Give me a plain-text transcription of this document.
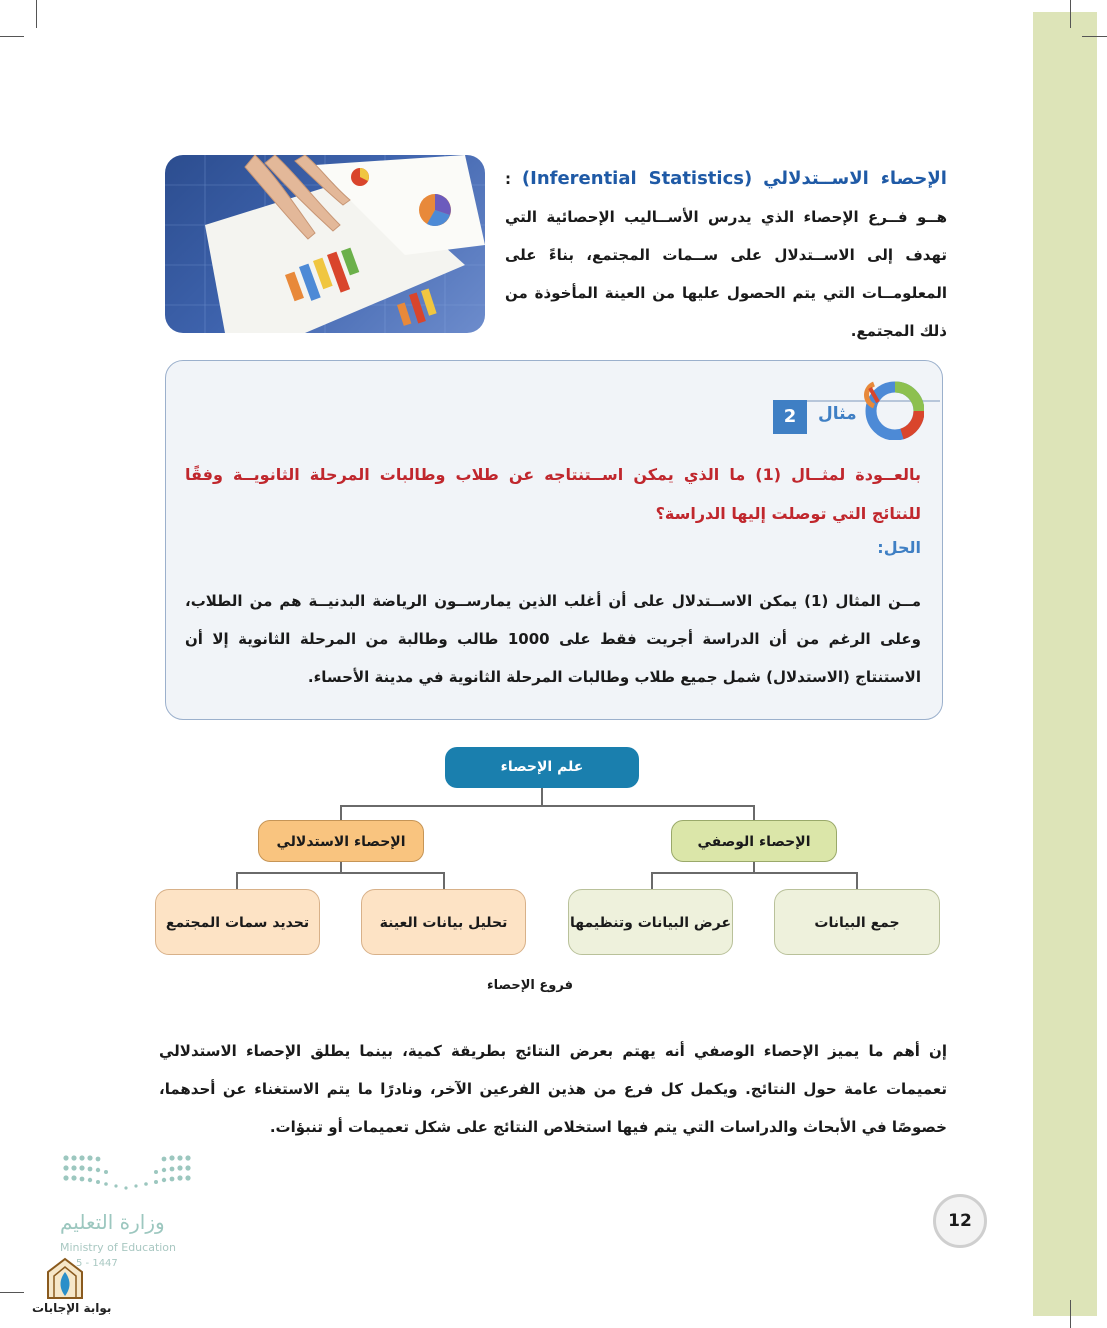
الإحصاء الاســتدلالي (Inferential Statistics) : هــو فــرع الإحصاء الذي يدرس الأســاليب الإحصائية التي تهدف إلى الاســتدلال على ســمات المجتمع، بناءً على المعلومــات التي يتم الحصول عليها من العينة المأخوذة من ذلك المجتمع.
2	مثال
بالعــودة لمثــال (1) ما الذي يمكن اســتنتاجه عن طلاب وطالبات المرحلة الثانويــة وفقًا للنتائج التي توصلت إليها الدراسة؟
الحل:
مــن المثال (1) يمكن الاســتدلال على أن أغلب الذين يمارســون الرياضة البدنيــة هم من الطلاب، وعلى الرغم من أن الدراسة أجريت فقط على 1000 طالب وطالبة من المرحلة الثانوية إلا أن الاستنتاج (الاستدلال) شمل جميع طلاب وطالبات المرحلة الثانوية في مدينة الأحساء.
علم الإحصاء
الإحصاء الاستدلالي	الإحصاء الوصفي
تحديد سمات المجتمع	تحليل بيانات العينة	عرض البيانات وتنظيمها	جمع البيانات
فروع الإحصاء
إن أهم ما يميز الإحصاء الوصفي أنه يهتم بعرض النتائج بطريقة كمية، بينما يطلق الإحصاء الاستدلالي تعميمات عامة حول النتائج. ويكمل كل فرع من هذين الفرعين الآخر، ونادرًا ما يتم الاستغناء عن أحدهما، خصوصًا في الأبحاث والدراسات التي يتم فيها استخلاص النتائج على شكل تعميمات أو تنبؤات.
12
وزارة التعليم
Ministry of Education
5 - 1447
بوابة الإجابات
